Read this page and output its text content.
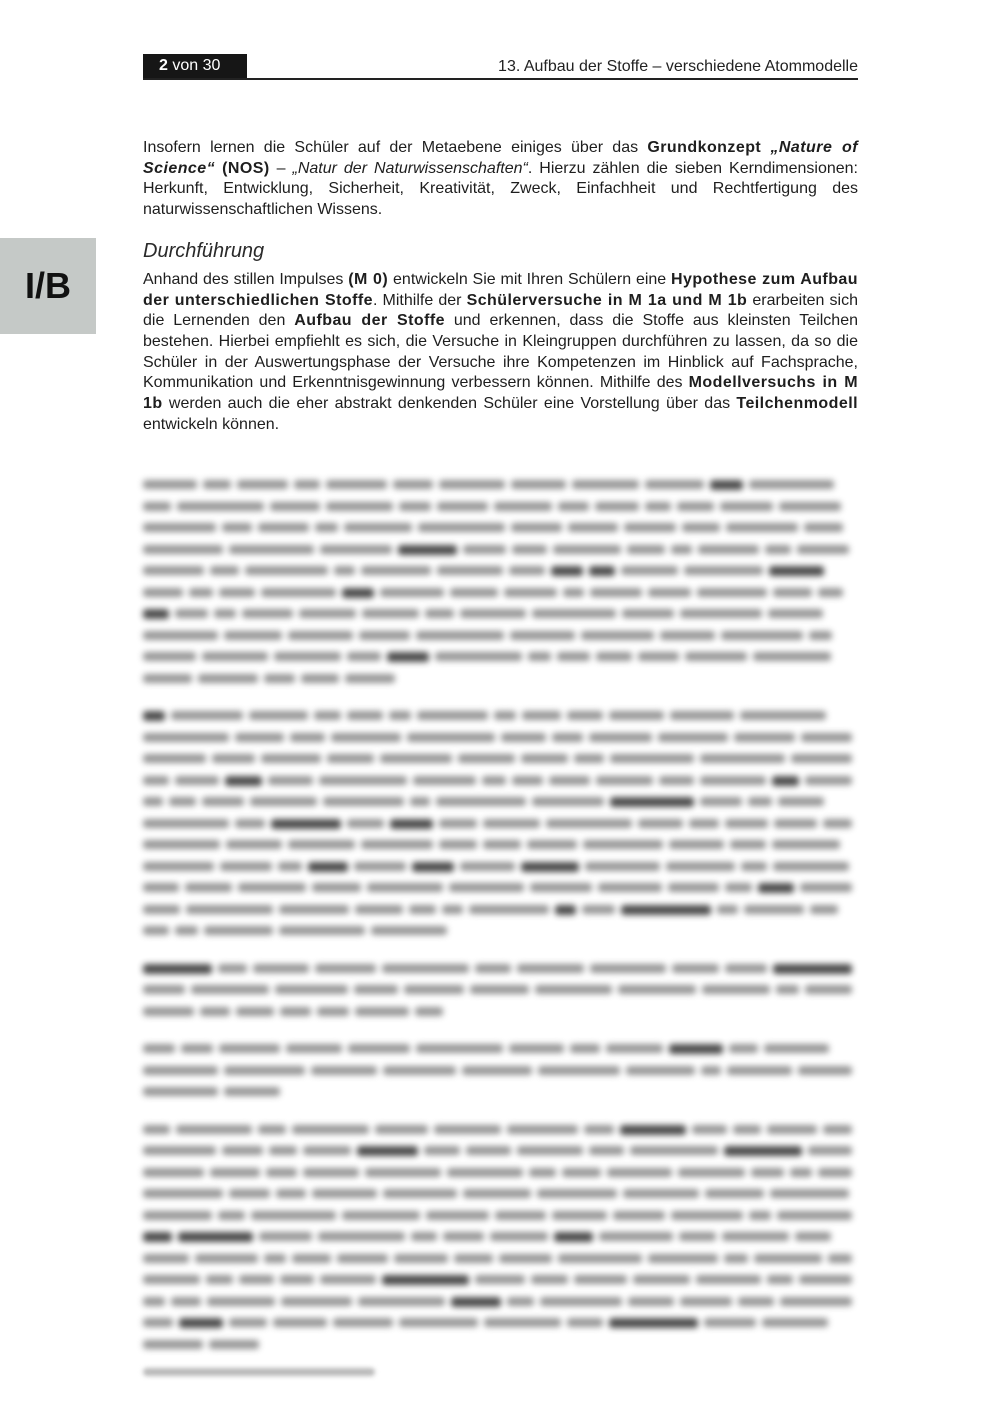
2 von 30	13. Aufbau der Stoffe – verschiedene Atommodelle
I/B

Insofern lernen die Schüler auf der Metaebene einiges über das Grundkonzept „Nature of Science“ (NOS) – „Natur der Naturwissenschaften“. Hierzu zählen die sieben Kerndimensionen: Herkunft, Entwicklung, Sicherheit, Kreativität, Zweck, Einfachheit und Rechtfertigung des naturwissenschaftlichen Wissens.

Durchführung

Anhand des stillen Impulses (M 0) entwickeln Sie mit Ihren Schülern eine Hypothese zum Aufbau der unterschiedlichen Stoffe. Mithilfe der Schülerversuche in M 1a und M 1b erarbeiten sich die Lernenden den Aufbau der Stoffe und erkennen, dass die Stoffe aus kleinsten Teilchen bestehen. Hierbei empfiehlt es sich, die Versuche in Kleingruppen durchführen zu lassen, da so die Schüler in der Auswertungsphase der Versuche ihre Kompetenzen im Hinblick auf Fachsprache, Kommunikation und Erkenntnisgewinnung verbessern können. Mithilfe des Modellversuchs in M 1b werden auch die eher abstrakt denkenden Schüler eine Vorstellung über das Teilchenmodell entwickeln können.
